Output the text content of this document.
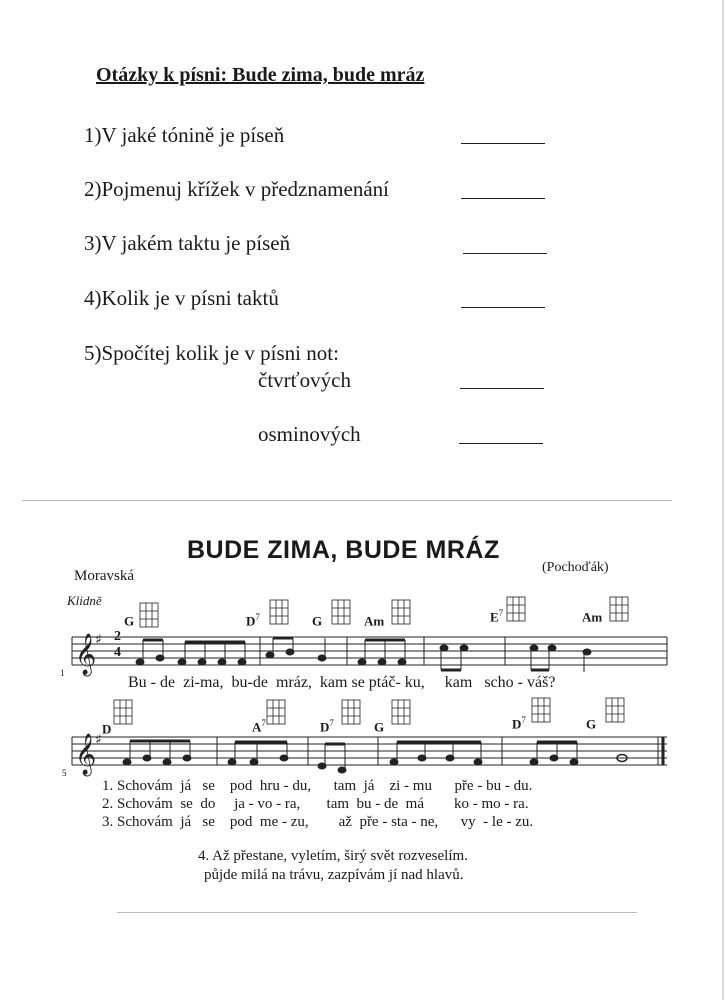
Otázky k písni: Bude zima, bude mráz
1)V jaké tónině je píseň
2)Pojmenuj křížek v předznamenání
3)V jakém taktu je píseň
4)Kolik je v písni taktů
5)Spočítej kolik je v písni not:
čtvrťových
osminových
BUDE ZIMA, BUDE MRÁZ
Moravská
(Pochoďák)
Klidně
𝄞
𝄞
♯
♯
2
4
1
5
G	$D^7$	G	Am	$E^7$	Am
D	$A^7$	$D^7$	G	$D^7$	G
Bu - de  zi-ma,  bu-de  mráz,  kam se ptáč- ku,     kam   scho - váš?
1. Schovám  já   se    pod  hru - du,      tam  já    zi - mu      pře - bu - du.
2. Schovám  se  do     ja - vo - ra,       tam  bu - de  má        ko - mo - ra.
3. Schovám  já   se    pod  me - zu,        až  pře - sta - ne,      vy  - le - zu.
4. Až přestane, vyletím, širý svět rozveselím.
půjde milá na trávu, zazpívám jí nad hlavů.
